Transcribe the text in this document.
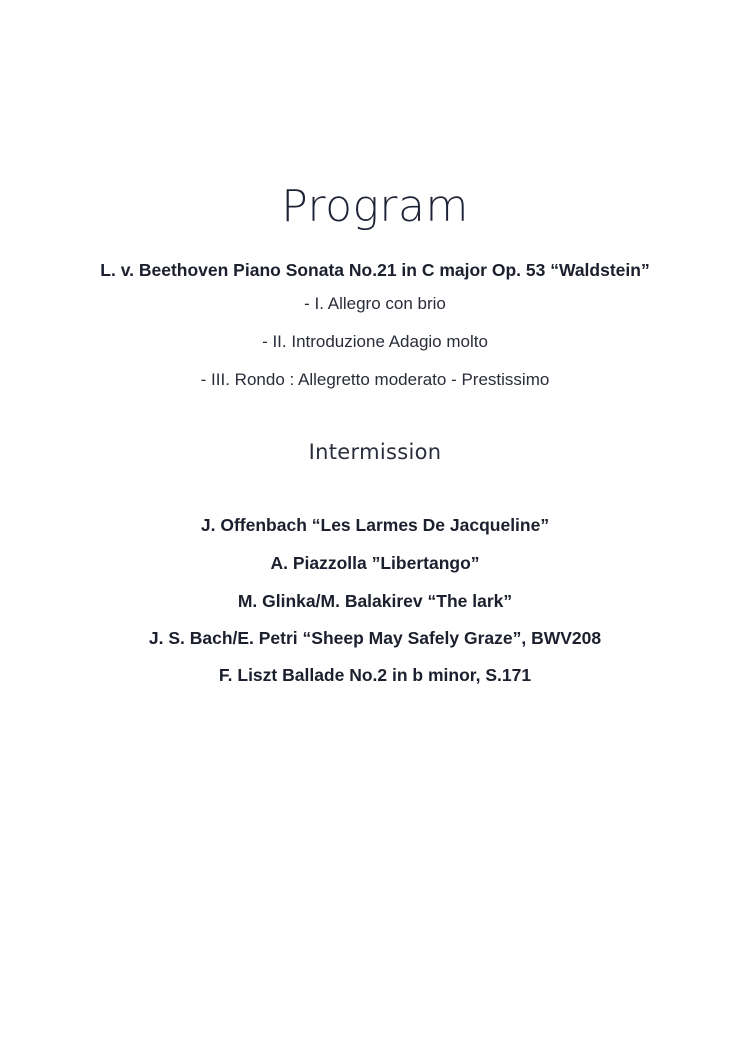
Program
L. v. Beethoven Piano Sonata No.21 in C major Op. 53 “Waldstein”
- I. Allegro con brio
- II. Introduzione Adagio molto
- III. Rondo : Allegretto moderato - Prestissimo
Intermission
J. Offenbach “Les Larmes De Jacqueline”
A. Piazzolla ”Libertango”
M. Glinka/M. Balakirev “The lark”
J. S. Bach/E. Petri “Sheep May Safely Graze”, BWV208
F. Liszt Ballade No.2 in b minor, S.171
